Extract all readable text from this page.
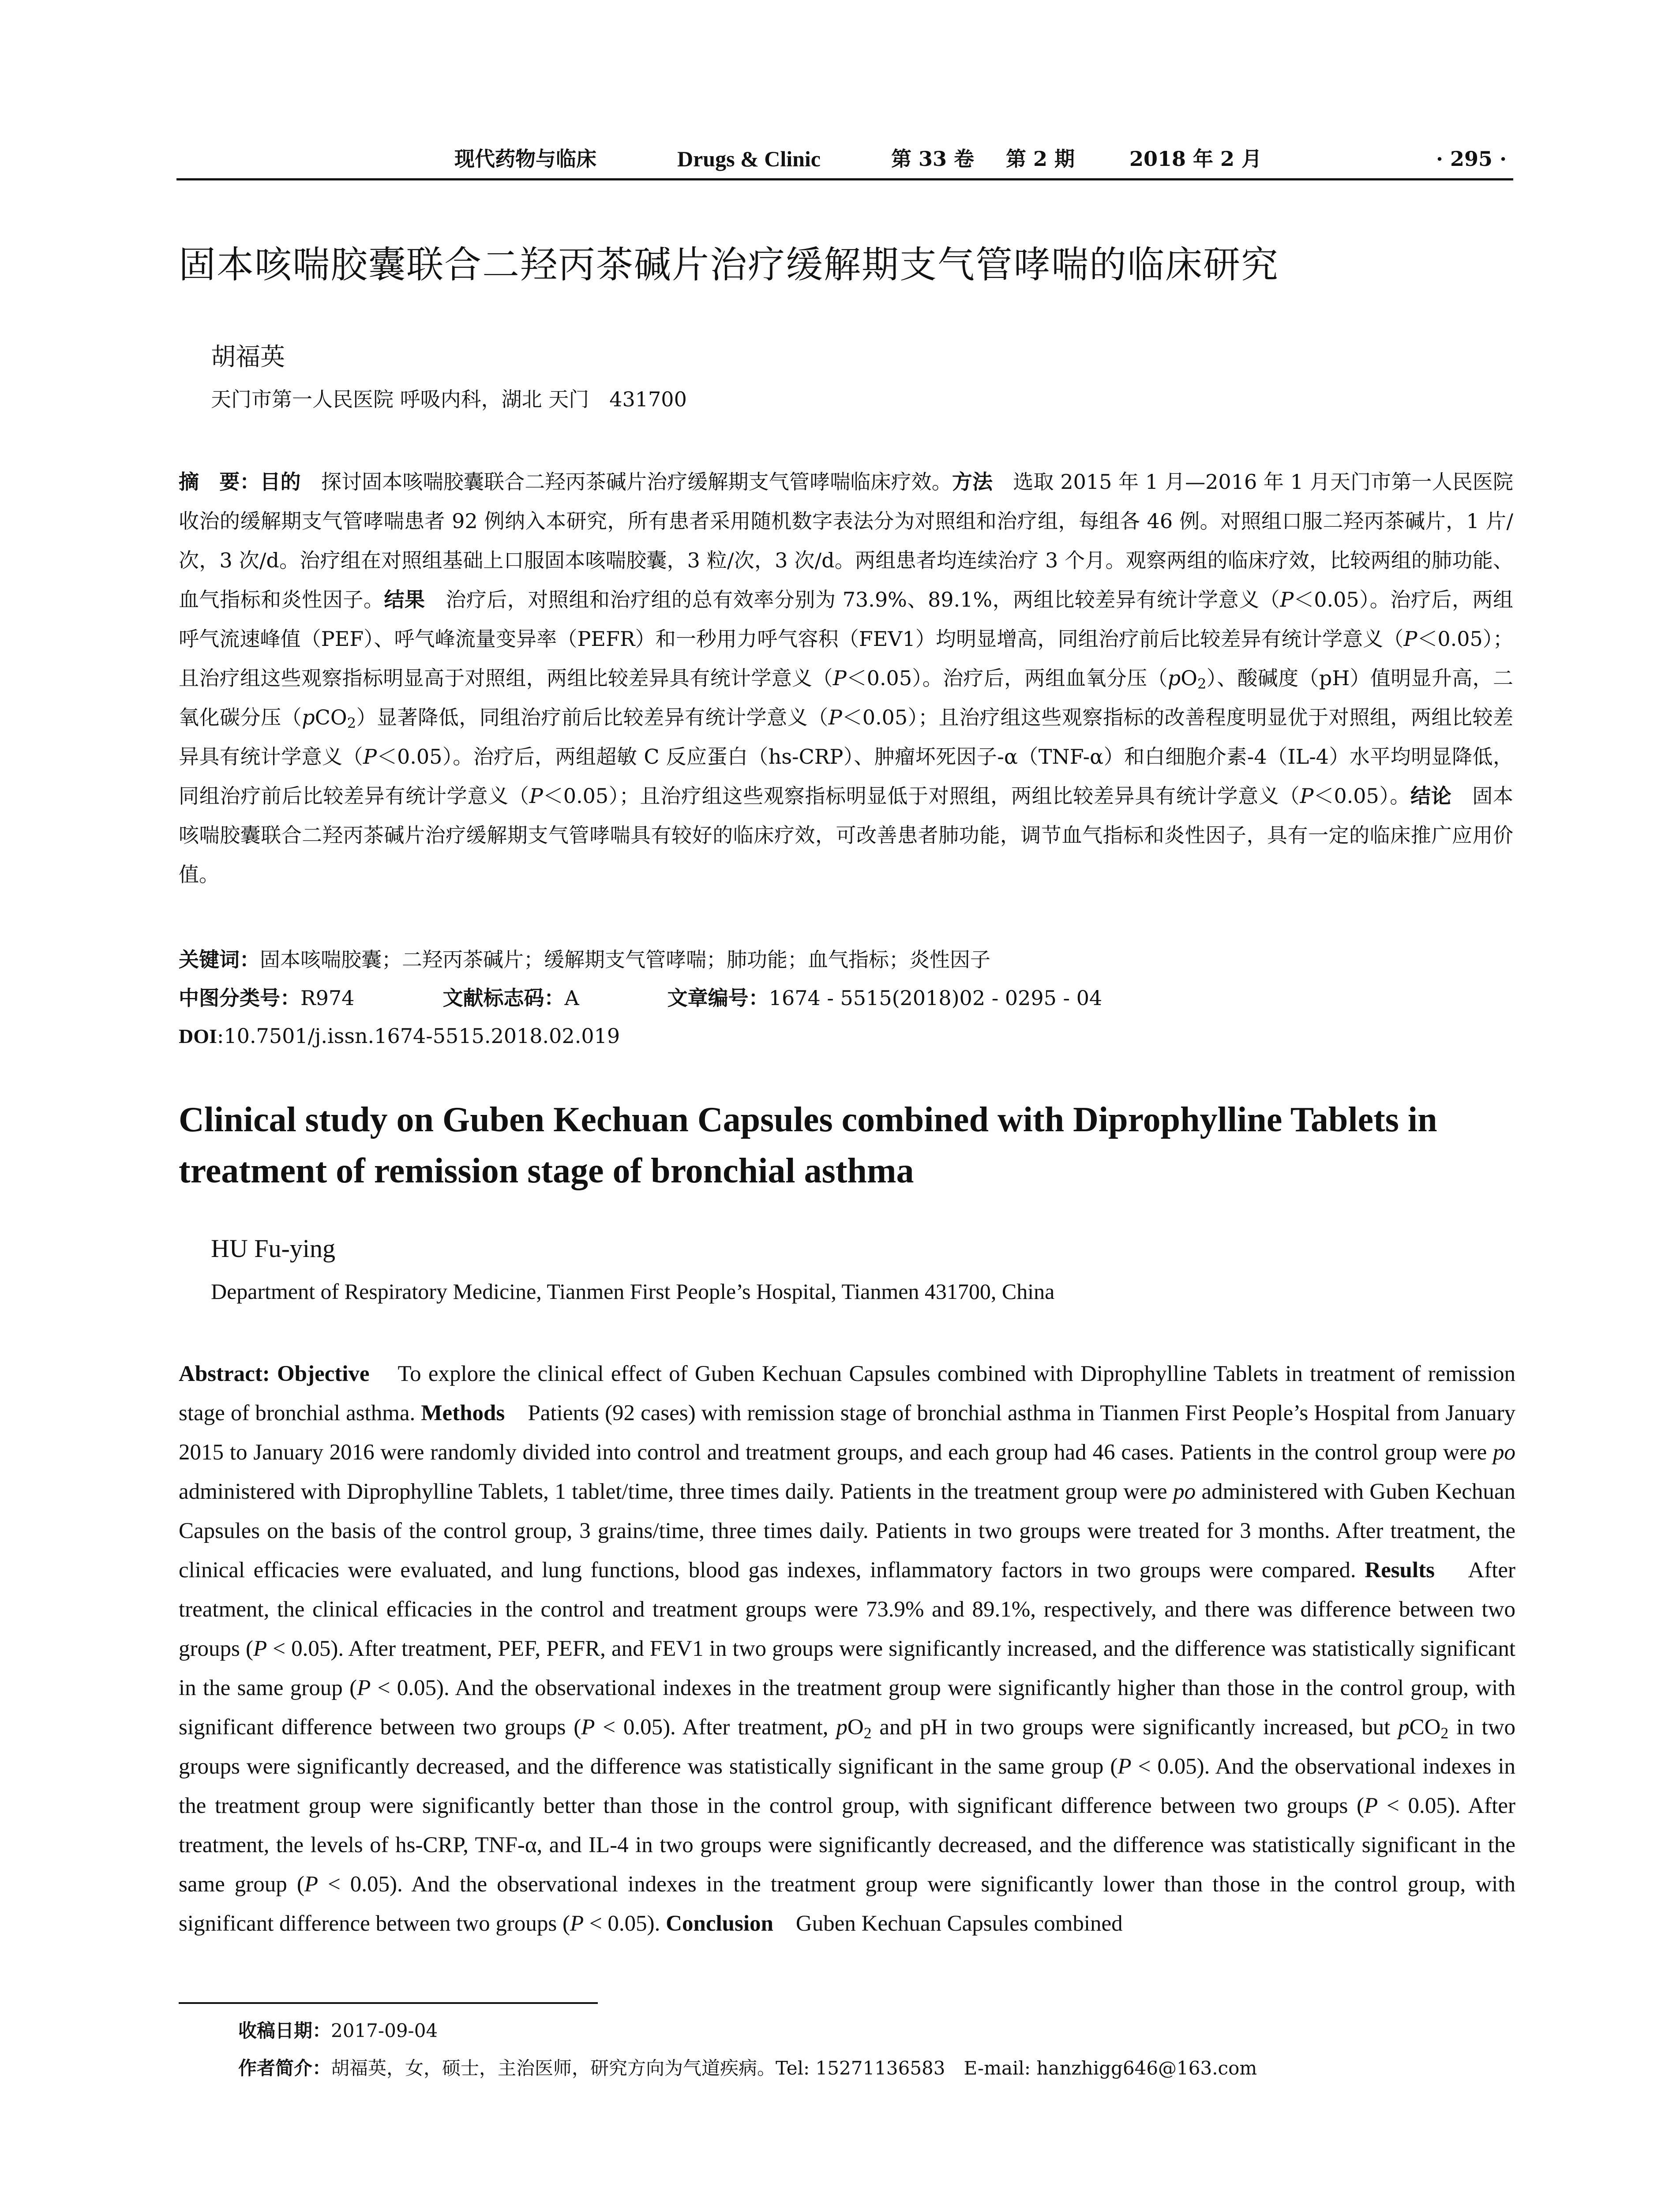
现代药物与临床	Drugs & Clinic	第 33 卷 第 2 期	2018 年 2 月	· 295 ·
固本咳喘胶囊联合二羟丙茶碱片治疗缓解期支气管哮喘的临床研究
胡福英
天门市第一人民医院 呼吸内科，湖北 天门　431700
摘　要：目的　 探讨固本咳喘胶囊联合二羟丙茶碱片治疗缓解期支气管哮喘临床疗效。方法　 选取 2015 年 1 月—2016 年 1 月天门市第一人民医院收治的缓解期支气管哮喘患者 92 例纳入本研究，所有患者采用随机数字表法分为对照组和治疗组，每组各 46 例。对照组口服二羟丙茶碱片，1 片/次，3 次/d。治疗组在对照组基础上口服固本咳喘胶囊，3 粒/次，3 次/d。两组患者均连续治疗 3 个月。观察两组的临床疗效，比较两组的肺功能、血气指标和炎性因子。结果　 治疗后，对照组和治疗组的总有效率分别为 73.9%、89.1%，两组比较差异有统计学意义（P＜0.05）。治疗后，两组呼气流速峰值（PEF）、呼气峰流量变异率（PEFR）和一秒用力呼气容积（FEV1）均明显增高，同组治疗前后比较差异有统计学意义（P＜0.05）；且治疗组这些观察指标明显高于对照组，两组比较差异具有统计学意义（P＜0.05）。治疗后，两组血氧分压$(pO_2)$、酸碱度（pH）值明显升高，二氧化碳分压（pCO$_2$）显著降低，同组治疗前后比较差异有统计学意义（P＜0.05）；且治疗组这些观察指标的改善程度明显优于对照组，两组比较差异具有统计学意义（P＜0.05）。治疗后，两组超敏 C 反应蛋白（hs-CRP）、肿瘤坏死因子-α（TNF-α）和白细胞介素-4（IL-4）水平均明显降低，同组治疗前后比较差异有统计学意义（P＜0.05）；且治疗组这些观察指标明显低于对照组，两组比较差异具有统计学意义（P＜0.05）。结论　 固本咳喘胶囊联合二羟丙茶碱片治疗缓解期支气管哮喘具有较好的临床疗效，可改善患者肺功能，调节血气指标和炎性因子，具有一定的临床推广应用价值。
关键词：固本咳喘胶囊；二羟丙茶碱片；缓解期支气管哮喘；肺功能；血气指标；炎性因子
中图分类号：R974	文献标志码：A	文章编号：1674 - 5515(2018)02 - 0295 - 04
DOI:10.7501/j.issn.1674-5515.2018.02.019
Clinical study on Guben Kechuan Capsules combined with Diprophylline Tablets in treatment of remission stage of bronchial asthma
HU Fu-ying
Department of Respiratory Medicine, Tianmen First People’s Hospital, Tianmen 431700, China
Abstract: Objective To explore the clinical effect of Guben Kechuan Capsules combined with Diprophylline Tablets in treatment of remission stage of bronchial asthma. Methods Patients (92 cases) with remission stage of bronchial asthma in Tianmen First People’s Hospital from January 2015 to January 2016 were randomly divided into control and treatment groups, and each group had 46 cases. Patients in the control group were po administered with Diprophylline Tablets, 1 tablet/time, three times daily. Patients in the treatment group were po administered with Guben Kechuan Capsules on the basis of the control group, 3 grains/time, three times daily. Patients in two groups were treated for 3 months. After treatment, the clinical efficacies were evaluated, and lung functions, blood gas indexes, inflammatory factors in two groups were compared. Results After treatment, the clinical efficacies in the control and treatment groups were 73.9% and 89.1%, respectively, and there was difference between two groups (P < 0.05). After treatment, PEF, PEFR, and FEV1 in two groups were significantly increased, and the difference was statistically significant in the same group (P < 0.05). And the observational indexes in the treatment group were significantly higher than those in the control group, with significant difference between two groups (P < 0.05). After treatment, $pO_2$ and pH in two groups were significantly increased, but pCO$_2$ in two groups were significantly decreased, and the difference was statistically significant in the same group (P < 0.05). And the observational indexes in the treatment group were significantly better than those in the control group, with significant difference between two groups (P < 0.05). After treatment, the levels of hs-CRP, TNF-α, and IL-4 in two groups were significantly decreased, and the difference was statistically significant in the same group (P < 0.05). And the observational indexes in the treatment group were significantly lower than those in the control group, with significant difference between two groups (P < 0.05). Conclusion Guben Kechuan Capsules combined
收稿日期：2017-09-04
作者简介：胡福英，女，硕士，主治医师，研究方向为气道疾病。Tel: 15271136583　E-mail: hanzhigg646@163.com
